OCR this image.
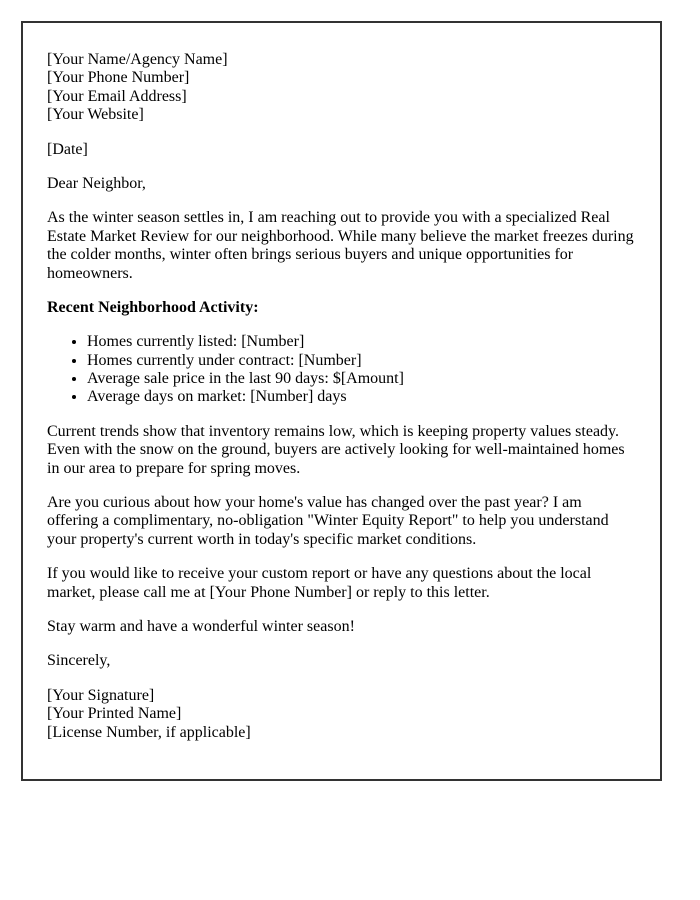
[Your Name/Agency Name]
[Your Phone Number]
[Your Email Address]
[Your Website]
[Date]
Dear Neighbor,
As the winter season settles in, I am reaching out to provide you with a specialized Real Estate Market Review for our neighborhood. While many believe the market freezes during the colder months, winter often brings serious buyers and unique opportunities for homeowners.
Recent Neighborhood Activity:
• Homes currently listed: [Number]
• Homes currently under contract: [Number]
• Average sale price in the last 90 days: $[Amount]
• Average days on market: [Number] days
Current trends show that inventory remains low, which is keeping property values steady. Even with the snow on the ground, buyers are actively looking for well-maintained homes in our area to prepare for spring moves.
Are you curious about how your home's value has changed over the past year? I am offering a complimentary, no-obligation "Winter Equity Report" to help you understand your property's current worth in today's specific market conditions.
If you would like to receive your custom report or have any questions about the local market, please call me at [Your Phone Number] or reply to this letter.
Stay warm and have a wonderful winter season!
Sincerely,
[Your Signature]
[Your Printed Name]
[License Number, if applicable]
